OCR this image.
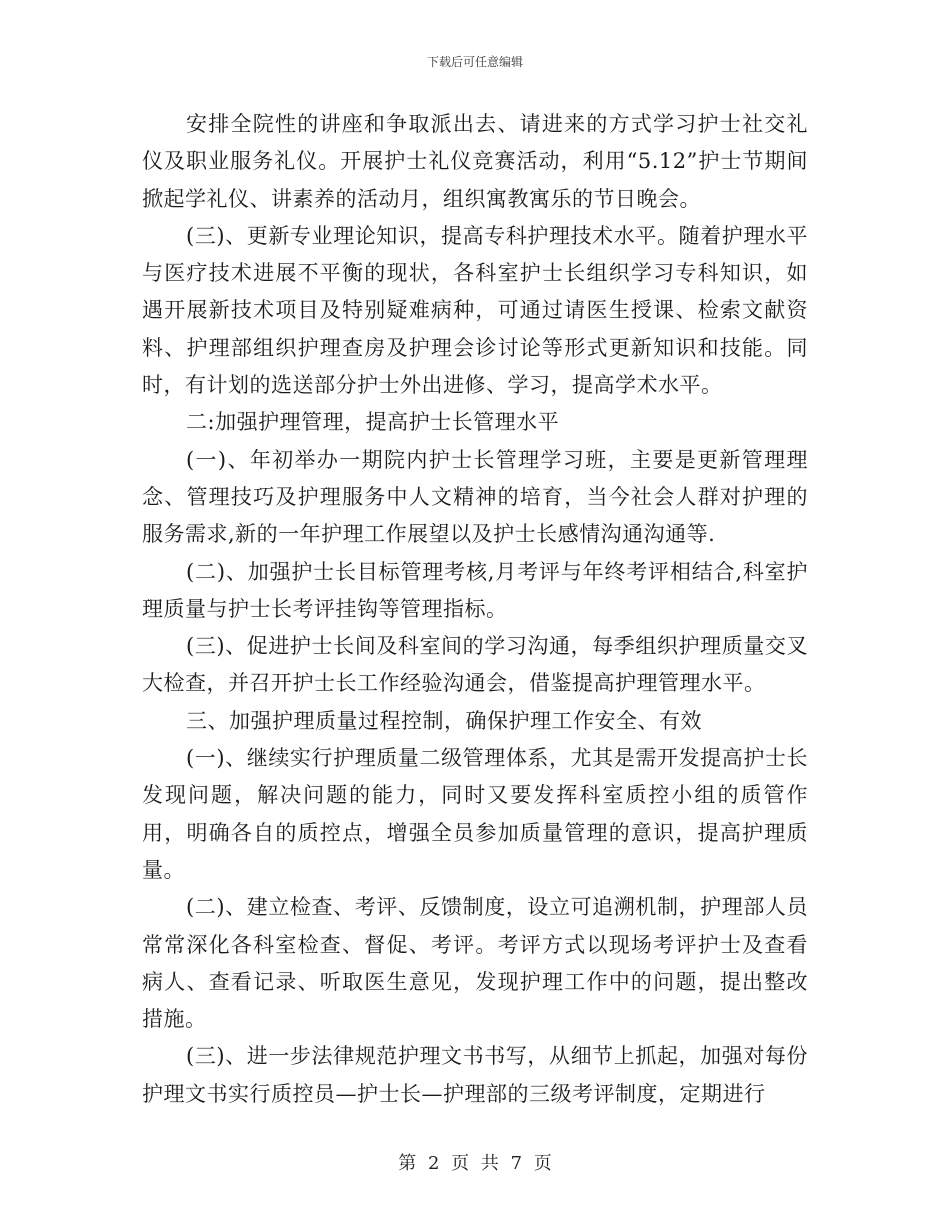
下载后可任意编辑

安排全院性的讲座和争取派出去、请进来的方式学习护士社交礼仪及职业服务礼仪。开展护士礼仪竞赛活动，利用“5.12”护士节期间掀起学礼仪、讲素养的活动月，组织寓教寓乐的节日晚会。

(三)、更新专业理论知识，提高专科护理技术水平。随着护理水平与医疗技术进展不平衡的现状，各科室护士长组织学习专科知识，如遇开展新技术项目及特别疑难病种，可通过请医生授课、检索文献资料、护理部组织护理查房及护理会诊讨论等形式更新知识和技能。同时，有计划的选送部分护士外出进修、学习，提高学术水平。

二:加强护理管理，提高护士长管理水平

(一)、年初举办一期院内护士长管理学习班，主要是更新管理理念、管理技巧及护理服务中人文精神的培育，当今社会人群对护理的服务需求,新的一年护理工作展望以及护士长感情沟通沟通等.

(二)、加强护士长目标管理考核,月考评与年终考评相结合,科室护理质量与护士长考评挂钩等管理指标。

(三)、促进护士长间及科室间的学习沟通，每季组织护理质量交叉大检查，并召开护士长工作经验沟通会，借鉴提高护理管理水平。

三、加强护理质量过程控制，确保护理工作安全、有效

(一)、继续实行护理质量二级管理体系，尤其是需开发提高护士长发现问题，解决问题的能力，同时又要发挥科室质控小组的质管作用，明确各自的质控点，增强全员参加质量管理的意识，提高护理质量。

(二)、建立检查、考评、反馈制度，设立可追溯机制，护理部人员常常深化各科室检查、督促、考评。考评方式以现场考评护士及查看病人、查看记录、听取医生意见，发现护理工作中的问题，提出整改措施。

(三)、进一步法律规范护理文书书写，从细节上抓起，加强对每份护理文书实行质控员—护士长—护理部的三级考评制度，定期进行

第 2 页 共 7 页
